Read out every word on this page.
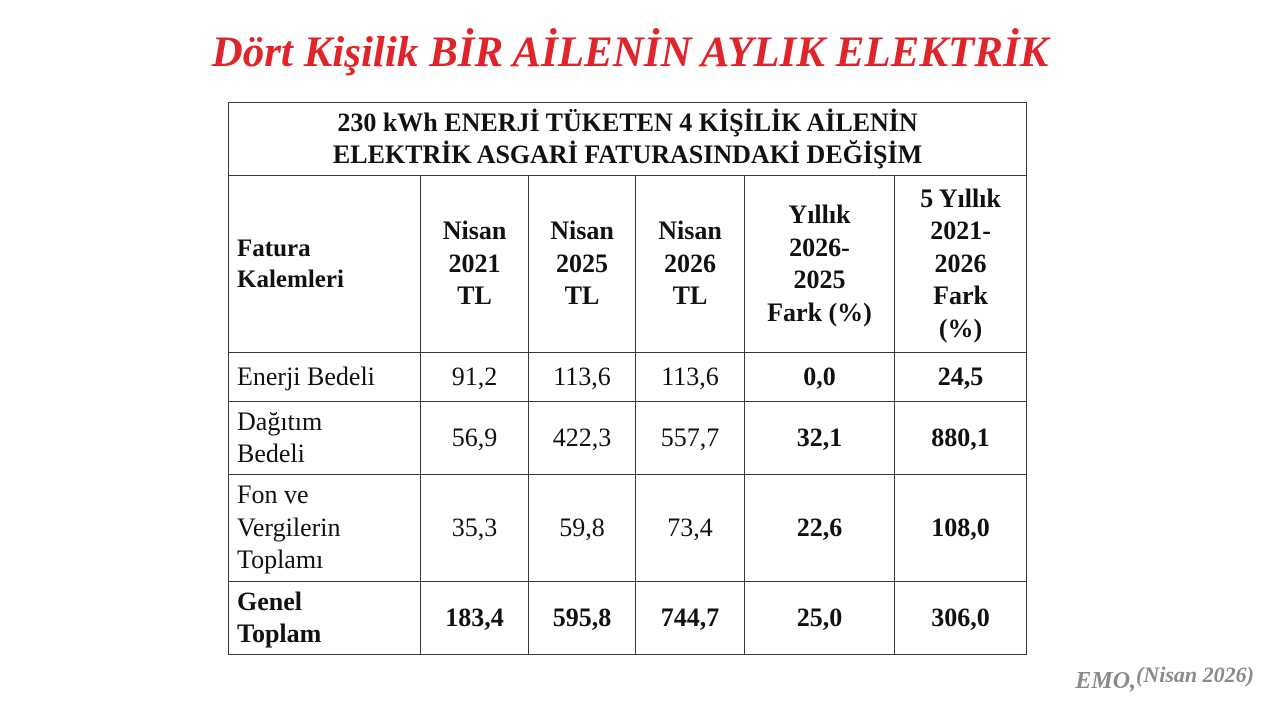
Dört Kişilik BİR AİLENİN AYLIK ELEKTRİK
230 kWh ENERJİ TÜKETEN 4 KİŞİLİK AİLENİN
ELEKTRİK ASGARİ FATURASINDAKİ DEĞİŞİM					

Fatura
Kalemleri	Nisan
2021
TL	Nisan
2025
TL	Nisan
2026
TL	Yıllık
2026-
2025
Fark (%)	5 Yıllık
2021-
2026
Fark
(%)

Enerji Bedeli	91,2	113,6	113,6	0,0	24,5

Dağıtım
Bedeli	56,9	422,3	557,7	32,1	880,1

Fon ve
Vergilerin
Toplamı	35,3	59,8	73,4	22,6	108,0

Genel
Toplam	183,4	595,8	744,7	25,0	306,0
EMO,(Nisan 2026)
